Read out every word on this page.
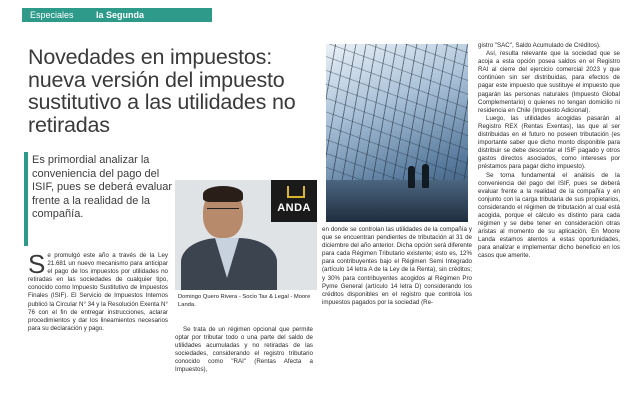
Especiales la Segunda
Novedades en impuestos: nueva versión del impuesto sustitutivo a las utilidades no retiradas
Es primordial analizar la conveniencia del pago del ISIF, pues se deberá evaluar frente a la realidad de la compañía.
Se promulgó este año a través de la Ley 21.681 un nuevo mecanismo para anticipar el pago de los impuestos por utilidades no retiradas en las sociedades de cualquier tipo, conocido como Impuesto Sustitutivo de Impuestos Finales (ISIF). El Servicio de Impuestos Internos publicó la Circular N° 34 y la Resolución Exenta N° 76 con el fin de entregar instrucciones, aclarar procedimientos y dar los lineamientos necesarios para su declaración y pago.
ANDA
Domingo Quero Rivera - Socio Tax & Legal - Moore Landa.

Se trata de un régimen opcional que permite optar por tributar todo o una parte del saldo de utilidades acumuladas y no retiradas de las sociedades, considerando el registro tributario conocido como "RAI" (Rentas Afecta a Impuestos),

en donde se controlan las utilidades de la compañía y que se encuentran pendientes de tributación al 31 de diciembre del año anterior. Dicha opción será diferente para cada Régimen Tributario existente; esto es, 12% para contribuyentes bajo el Régimen Semi Integrado (artículo 14 letra A de la Ley de la Renta), sin créditos; y 30% para contribuyentes acogidos al Régimen Pro Pyme General (artículo 14 letra D) considerando los créditos disponibles en el registro que controla los impuestos pagados por la sociedad (Re-

gistro "SAC", Saldo Acumulado de Créditos).

Así, resulta relevante que la sociedad que se acoja a esta opción posea saldos en el Registro RAI al cierre del ejercicio comercial 2023 y que continúen sin ser distribuidas, para efectos de pagar este impuesto que sustituye el impuesto que pagarán las personas naturales (Impuesto Global Complementario) o quienes no tengan domicilio ni residencia en Chile (Impuesto Adicional).

Luego, las utilidades acogidas pasarán al Registro REX (Rentas Exentas), las que al ser distribuidas en el futuro no poseen tributación (es importante saber que dicho monto disponible para distribuir se debe descontar el ISIF pagado y otros gastos directos asociados, como intereses por préstamos para pagar dicho impuesto).

Se torna fundamental el análisis de la conveniencia del pago del ISIF, pues se deberá evaluar frente a la realidad de la compañía y en conjunto con la carga tributaria de sus propietarios, considerando el régimen de tributación al cual está acogida, porque el cálculo es distinto para cada régimen y se debe tener en consideración otras aristas al momento de su aplicación. En Moore Landa estamos atentos a estas oportunidades, para analizar e implementar dicho beneficio en los casos que amerite.
